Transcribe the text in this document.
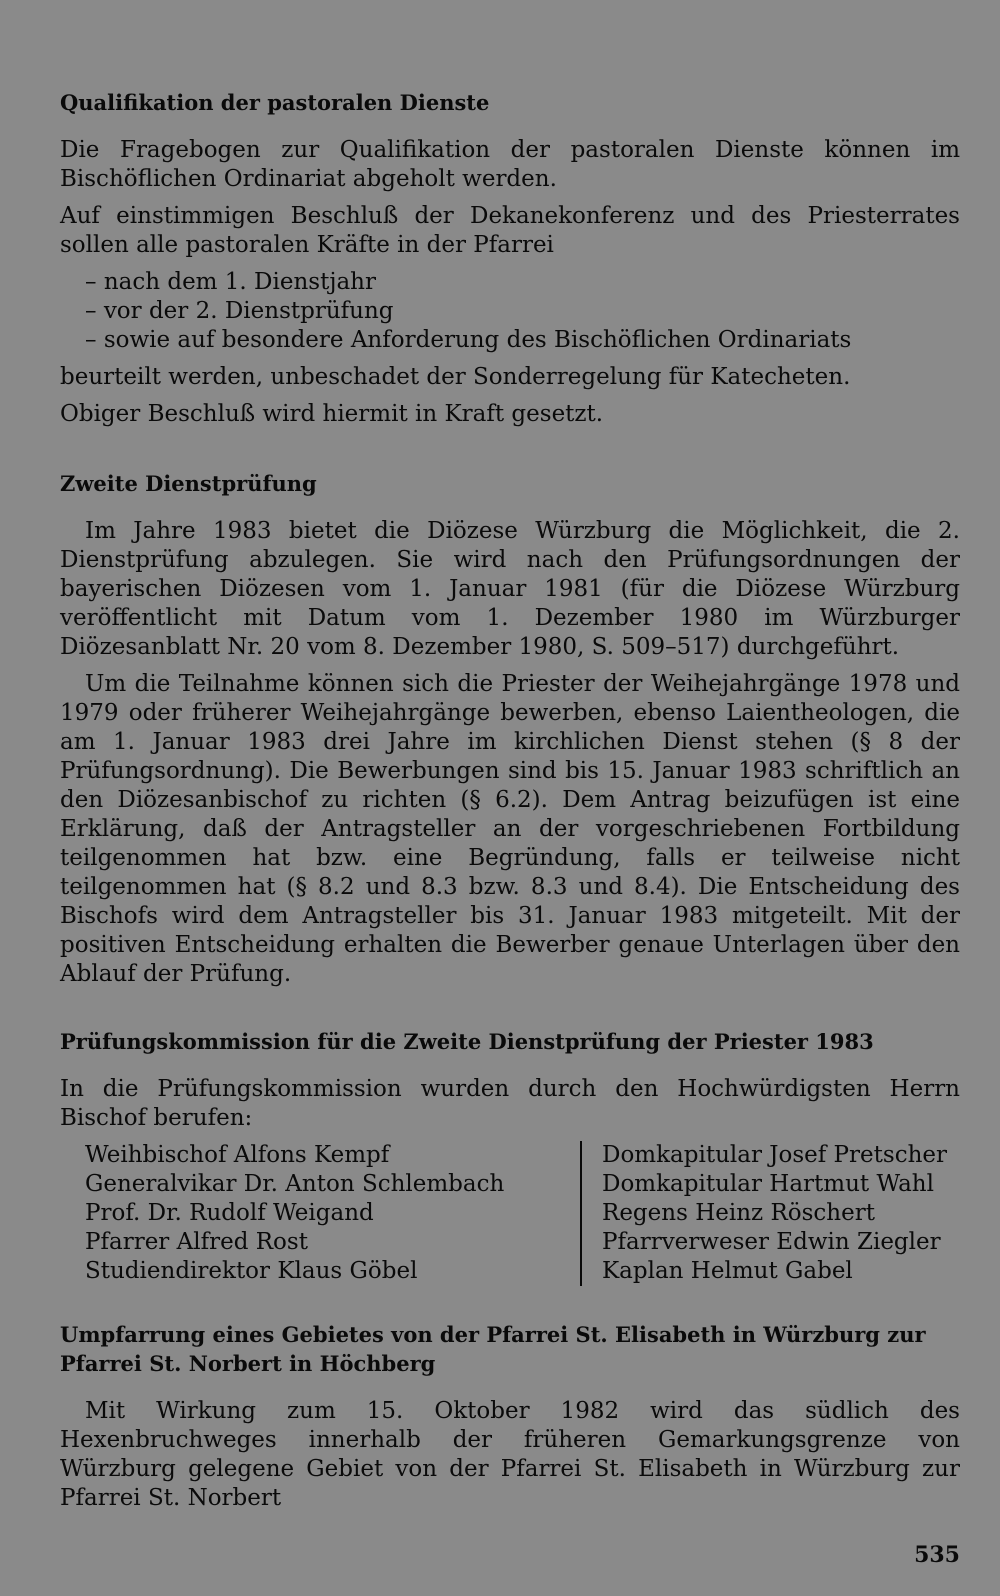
Qualifikation der pastoralen Dienste

Die Fragebogen zur Qualifikation der pastoralen Dienste können im Bischöflichen Ordinariat abgeholt werden.

Auf einstimmigen Beschluß der Dekanekonferenz und des Priesterrates sollen alle pastoralen Kräfte in der Pfarrei

– nach dem 1. Dienstjahr
– vor der 2. Dienstprüfung
– sowie auf besondere Anforderung des Bischöflichen Ordinariats

beurteilt werden, unbeschadet der Sonderregelung für Katecheten.

Obiger Beschluß wird hiermit in Kraft gesetzt.

Zweite Dienstprüfung

Im Jahre 1983 bietet die Diözese Würzburg die Möglichkeit, die 2. Dienstprüfung abzulegen. Sie wird nach den Prüfungsordnungen der bayerischen Diözesen vom 1. Januar 1981 (für die Diözese Würzburg veröffentlicht mit Datum vom 1. Dezember 1980 im Würzburger Diözesanblatt Nr. 20 vom 8. Dezember 1980, S. 509–517) durchgeführt.

Um die Teilnahme können sich die Priester der Weihejahrgänge 1978 und 1979 oder früherer Weihejahrgänge bewerben, ebenso Laientheologen, die am 1. Januar 1983 drei Jahre im kirchlichen Dienst stehen (§ 8 der Prüfungsordnung). Die Bewerbungen sind bis 15. Januar 1983 schriftlich an den Diözesanbischof zu richten (§ 6.2). Dem Antrag beizufügen ist eine Erklärung, daß der Antragsteller an der vorgeschriebenen Fortbildung teilgenommen hat bzw. eine Begründung, falls er teilweise nicht teilgenommen hat (§ 8.2 und 8.3 bzw. 8.3 und 8.4). Die Entscheidung des Bischofs wird dem Antragsteller bis 31. Januar 1983 mitgeteilt. Mit der positiven Entscheidung erhalten die Bewerber genaue Unterlagen über den Ablauf der Prüfung.

Prüfungskommission für die Zweite Dienstprüfung der Priester 1983

In die Prüfungskommission wurden durch den Hochwürdigsten Herrn Bischof berufen:

Weihbischof Alfons Kempf
Generalvikar Dr. Anton Schlembach
Prof. Dr. Rudolf Weigand
Pfarrer Alfred Rost
Studiendirektor Klaus Göbel
Domkapitular Josef Pretscher
Domkapitular Hartmut Wahl
Regens Heinz Röschert
Pfarrverweser Edwin Ziegler
Kaplan Helmut Gabel
Umpfarrung eines Gebietes von der Pfarrei St. Elisabeth in Würzburg zur Pfarrei St. Norbert in Höchberg

Mit Wirkung zum 15. Oktober 1982 wird das südlich des Hexenbruchweges innerhalb der früheren Gemarkungsgrenze von Würzburg gelegene Gebiet von der Pfarrei St. Elisabeth in Würzburg zur Pfarrei St. Norbert

535
